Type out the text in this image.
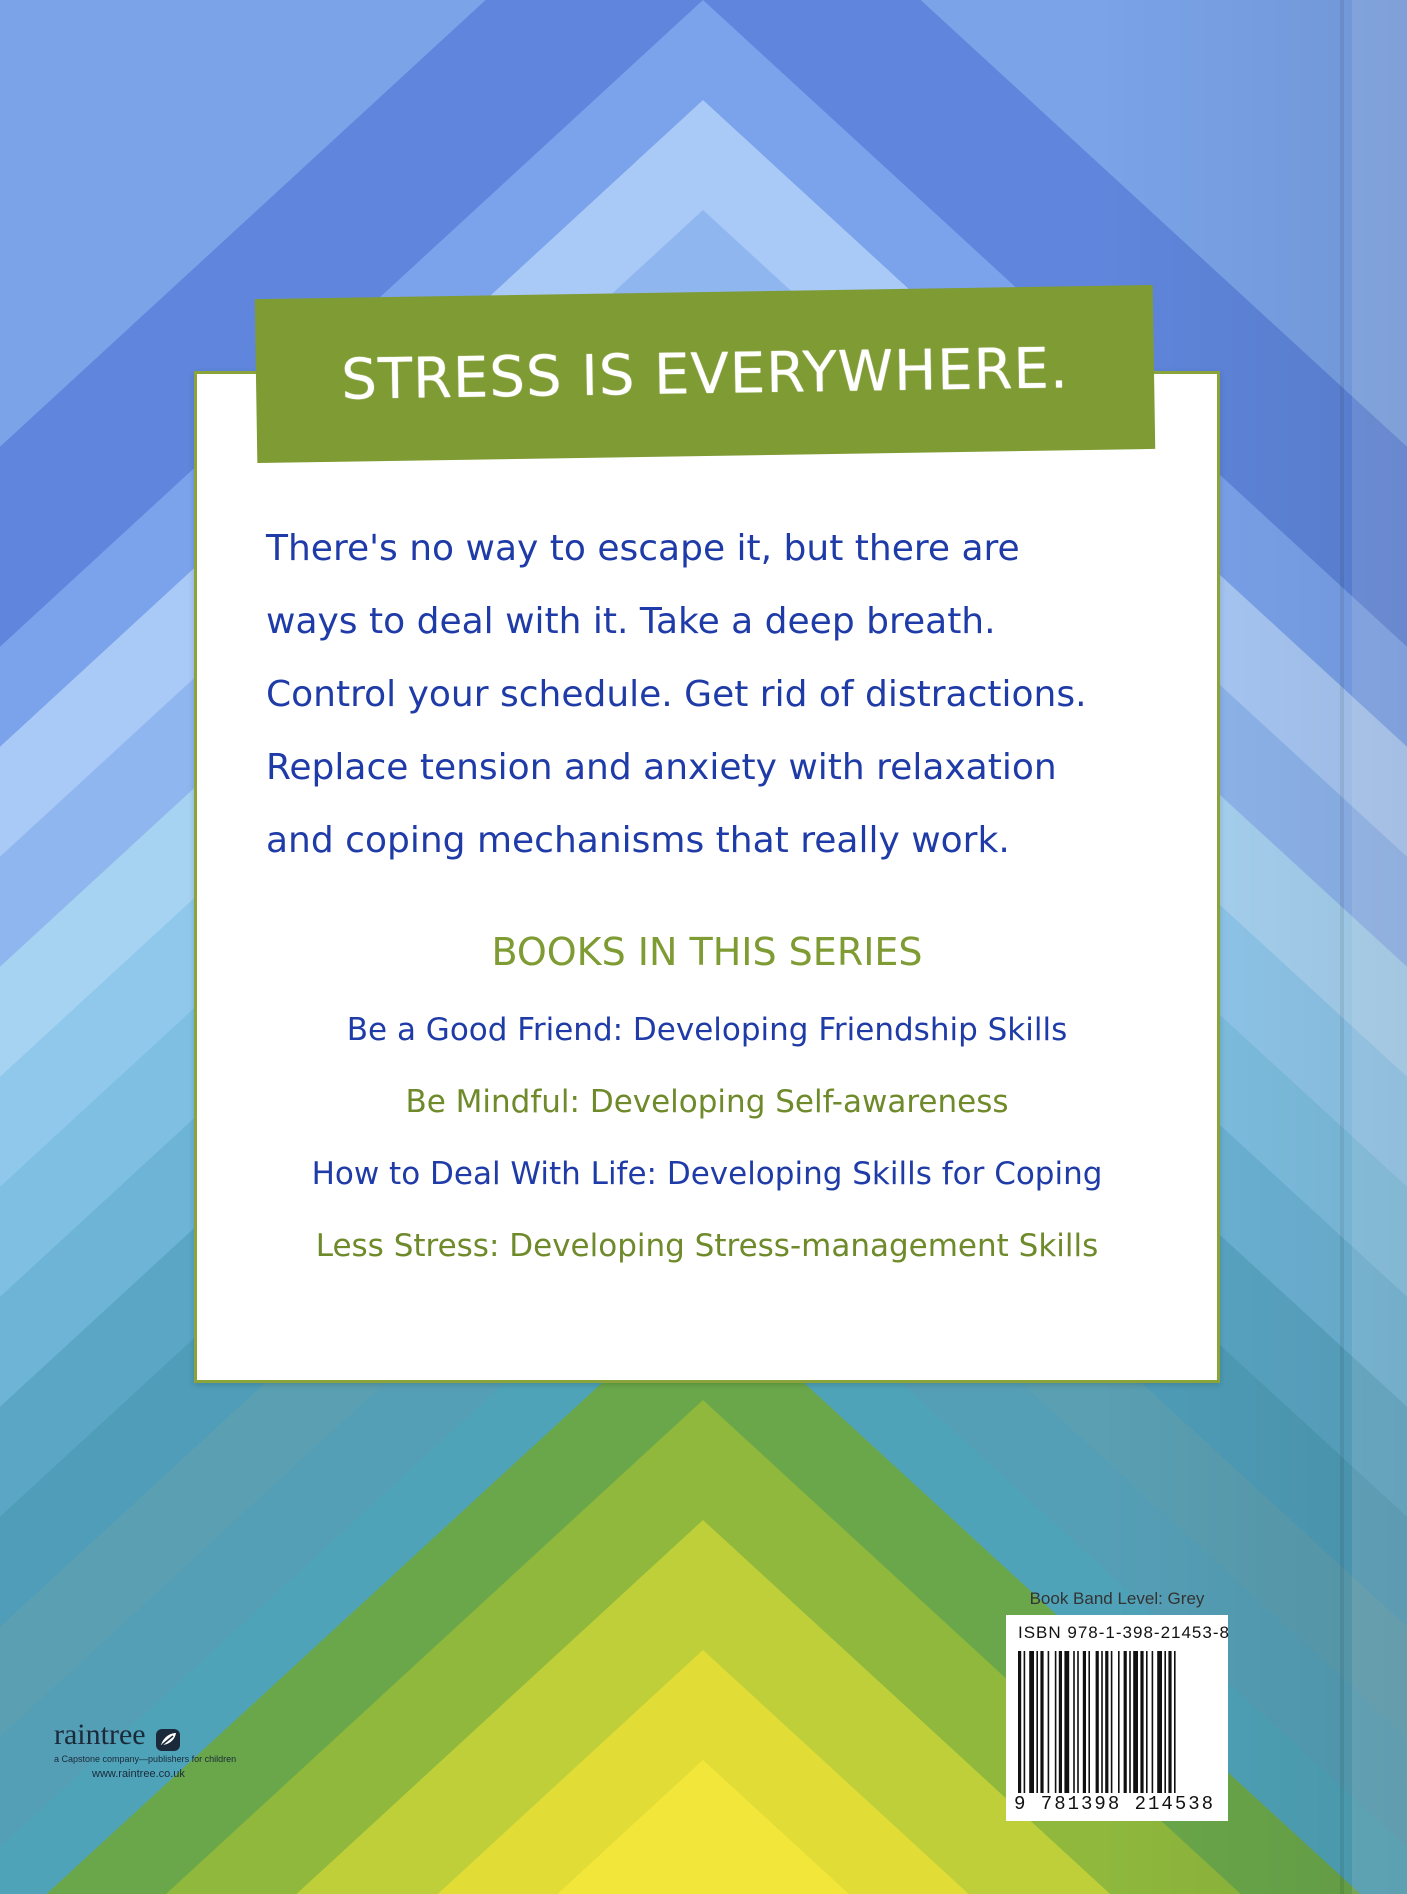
STRESS IS EVERYWHERE.
There's no way to escape it, but there are
ways to deal with it. Take a deep breath.
Control your schedule. Get rid of distractions.
Replace tension and anxiety with relaxation
and coping mechanisms that really work.
BOOKS IN THIS SERIES
Be a Good Friend: Developing Friendship Skills
Be Mindful: Developing Self-awareness
How to Deal With Life: Developing Skills for Coping
Less Stress: Developing Stress-management Skills
Book Band Level: Grey
ISBN 978-1-398-21453-8
9 781398 214538
raintree
a Capstone company—publishers for children
www.raintree.co.uk
